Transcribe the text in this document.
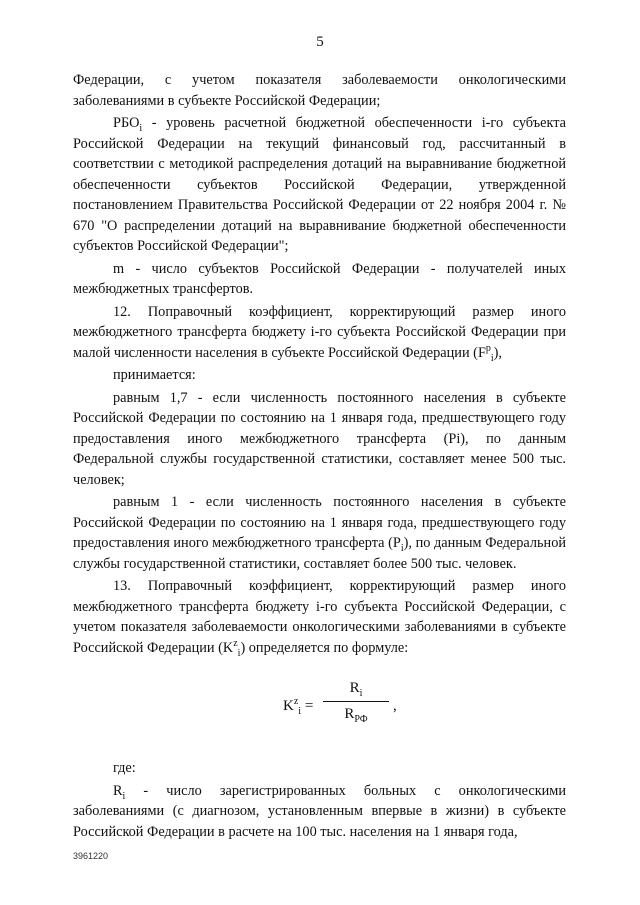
5

Федерации, с учетом показателя заболеваемости онкологическими заболеваниями в субъекте Российской Федерации;

$РБО_i$ - уровень расчетной бюджетной обеспеченности i-го субъекта Российской Федерации на текущий финансовый год, рассчитанный в соответствии с методикой распределения дотаций на выравнивание бюджетной обеспеченности субъектов Российской Федерации, утвержденной постановлением Правительства Российской Федерации от 22 ноября 2004 г. № 670 "О распределении дотаций на выравнивание бюджетной обеспеченности субъектов Российской Федерации";

m - число субъектов Российской Федерации - получателей иных межбюджетных трансфертов.

12. Поправочный коэффициент, корректирующий размер иного межбюджетного трансферта бюджету i-го субъекта Российской Федерации при малой численности населения в субъекте Российской Федерации $(F^p_i)$,

принимается:

равным 1,7 - если численность постоянного населения в субъекте Российской Федерации по состоянию на 1 января года, предшествующего году предоставления иного межбюджетного трансферта (Pi), по данным Федеральной службы государственной статистики, составляет менее 500 тыс. человек;

равным 1 - если численность постоянного населения в субъекте Российской Федерации по состоянию на 1 января года, предшествующего году предоставления иного межбюджетного трансферта $(P_i)$, по данным Федеральной службы государственной статистики, составляет более 500 тыс. человек.

13. Поправочный коэффициент, корректирующий размер иного межбюджетного трансферта бюджету i-го субъекта Российской Федерации, с учетом показателя заболеваемости онкологическими заболеваниями в субъекте Российской Федерации $(K^z_i)$ определяется по формуле:

$K^z_i$ =
$R_i$
$R_{РФ}$
,

где:

$R_i$ - число зарегистрированных больных с онкологическими заболеваниями (с диагнозом, установленным впервые в жизни) в субъекте Российской Федерации в расчете на 100 тыс. населения на 1 января года,

3961220
